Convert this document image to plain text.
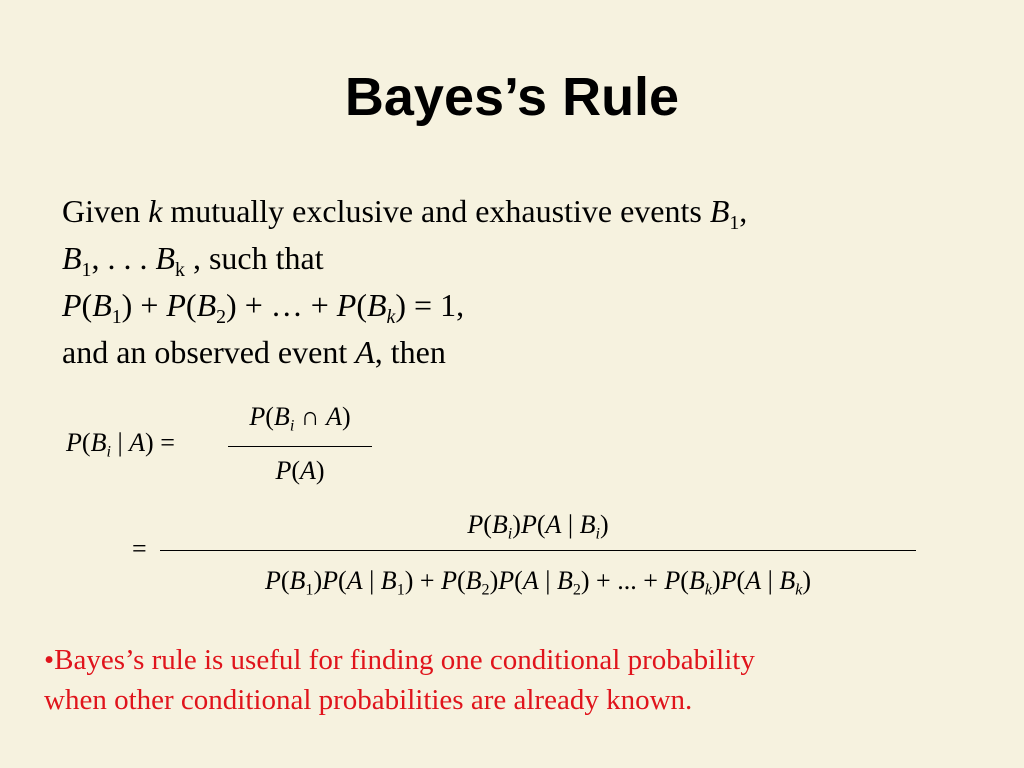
Bayes’s Rule
Given k mutually exclusive and exhaustive events $B_1$,
$B_1$, . . . $B_k$ , such that
$P(B_1) + P(B_2)$ + … + $P(B_k) = 1$,
and an observed event A, then
$P(B_i$ | A) =
$P(B_i$ ∩ A)
P(A)
=
$P(B_i)P(A$ | $B_i$)
$P(B_1)P(A$ | $B_1) + P(B_2)P(A$ | $B_2$) + ... + $P(B_k)P(A$ | $B_k$)
•Bayes’s rule is useful for finding one conditional probability
when other conditional probabilities are already known.
